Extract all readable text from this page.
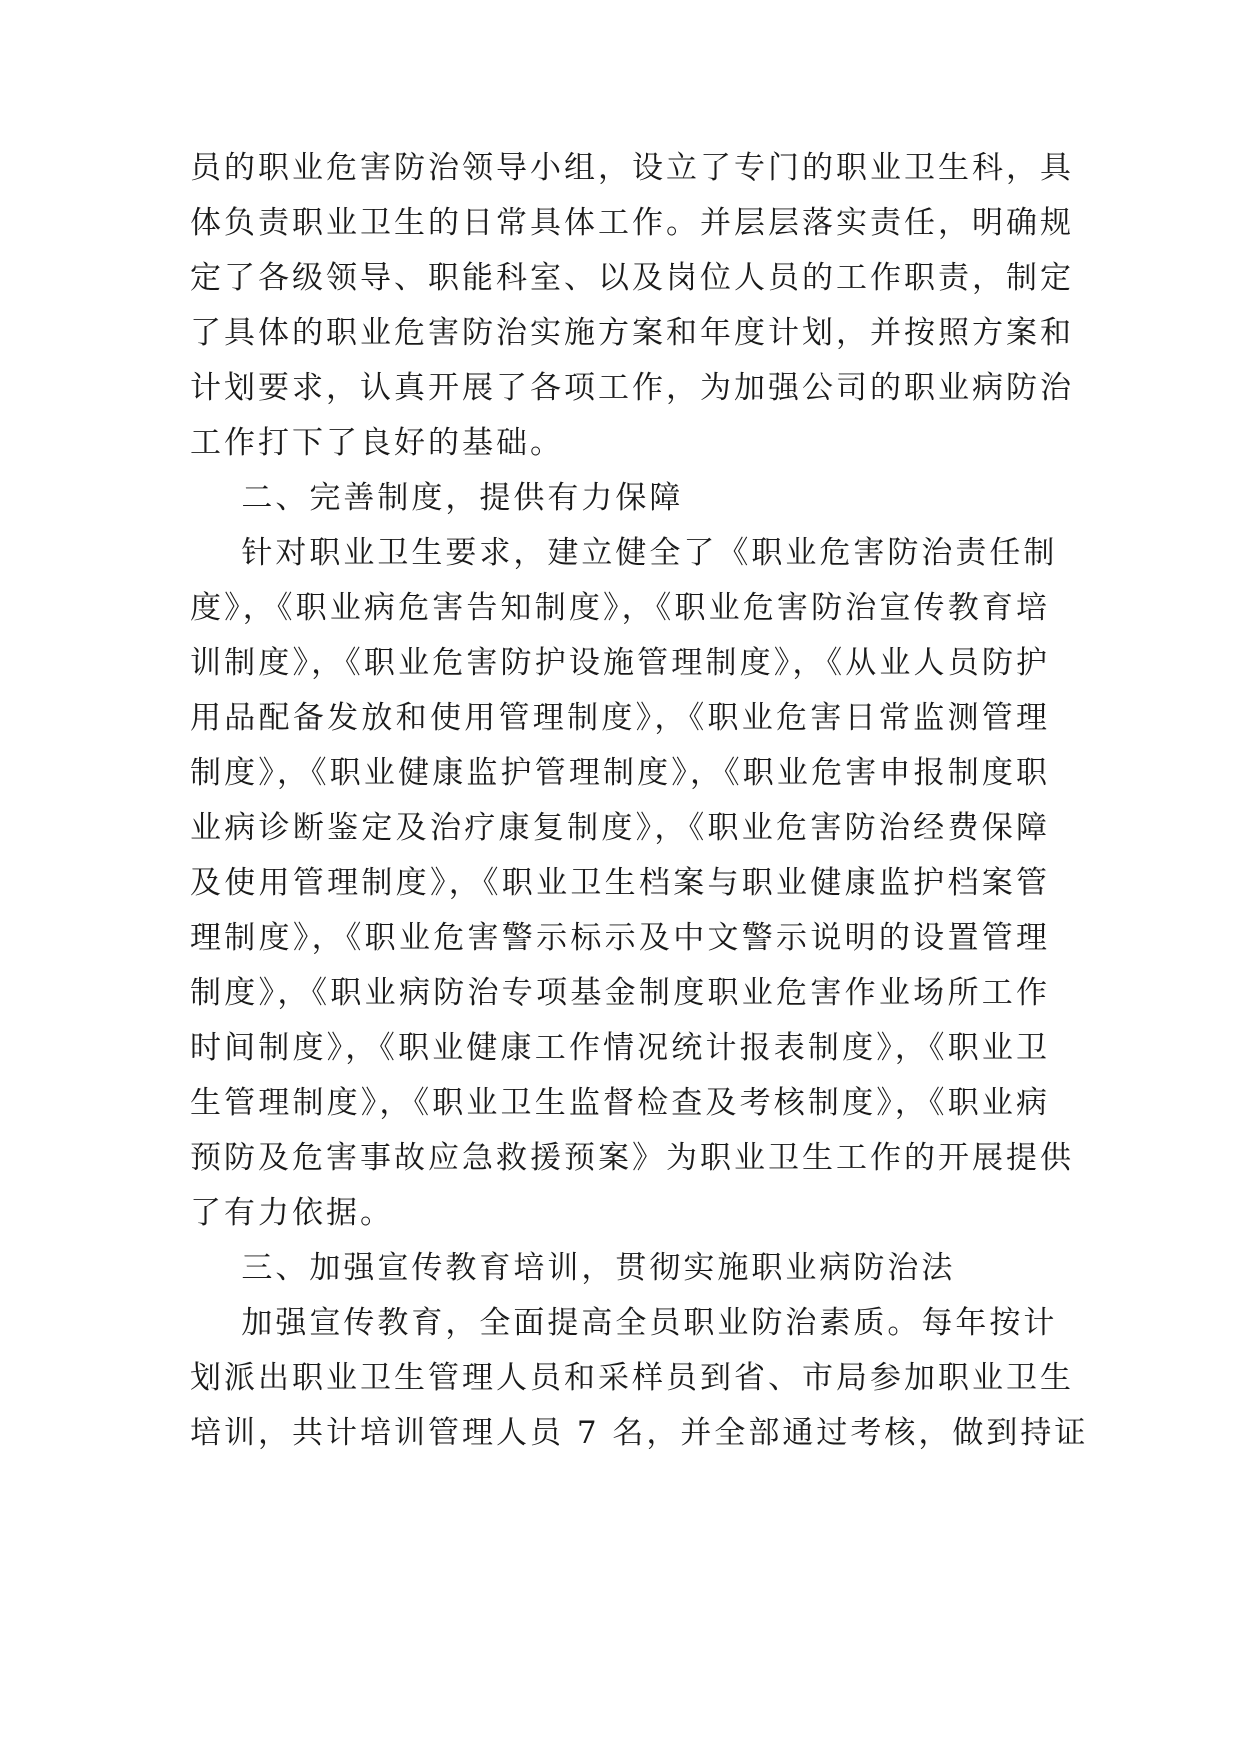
员的职业危害防治领导小组，设立了专门的职业卫生科，具
体负责职业卫生的日常具体工作。并层层落实责任，明确规
定了各级领导、职能科室、以及岗位人员的工作职责，制定
了具体的职业危害防治实施方案和年度计划，并按照方案和
计划要求，认真开展了各项工作，为加强公司的职业病防治
工作打下了良好的基础。
二、完善制度，提供有力保障
针对职业卫生要求，建立健全了《职业危害防治责任制
度》，《职业病危害告知制度》，《职业危害防治宣传教育培
训制度》，《职业危害防护设施管理制度》，《从业人员防护
用品配备发放和使用管理制度》，《职业危害日常监测管理
制度》，《职业健康监护管理制度》，《职业危害申报制度职
业病诊断鉴定及治疗康复制度》，《职业危害防治经费保障
及使用管理制度》，《职业卫生档案与职业健康监护档案管
理制度》，《职业危害警示标示及中文警示说明的设置管理
制度》，《职业病防治专项基金制度职业危害作业场所工作
时间制度》，《职业健康工作情况统计报表制度》，《职业卫
生管理制度》，《职业卫生监督检查及考核制度》，《职业病
预防及危害事故应急救援预案》为职业卫生工作的开展提供
了有力依据。
三、加强宣传教育培训，贯彻实施职业病防治法
加强宣传教育，全面提高全员职业防治素质。每年按计
划派出职业卫生管理人员和采样员到省、市局参加职业卫生
培训，共计培训管理人员 7 名，并全部通过考核，做到持证
